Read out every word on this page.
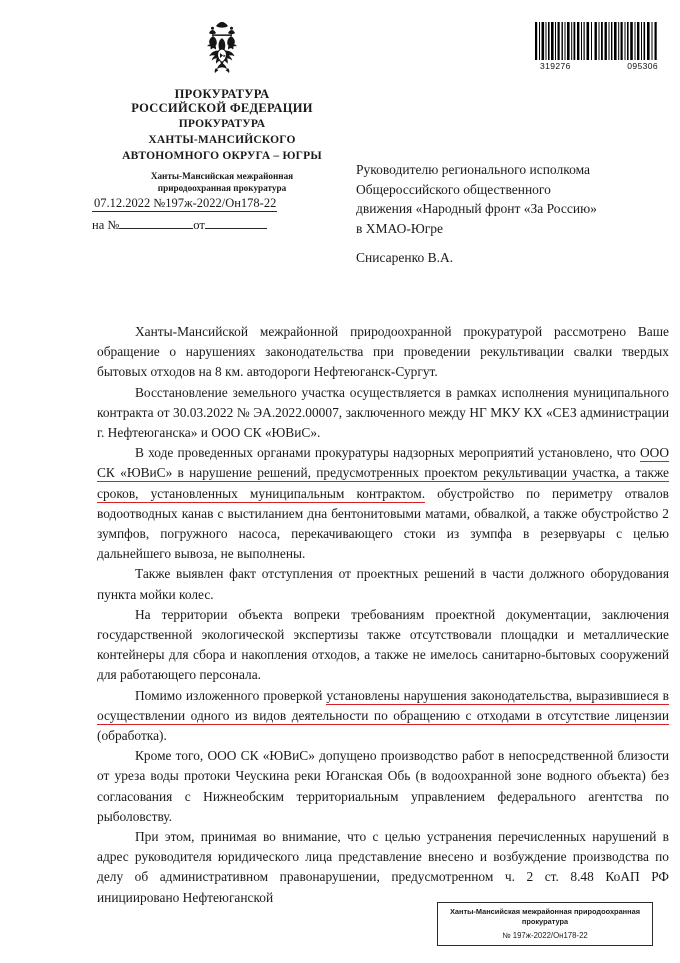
319276	095306
ПРОКУРАТУРА
РОССИЙСКОЙ ФЕДЕРАЦИИ
ПРОКУРАТУРА
ХАНТЫ-МАНСИЙСКОГО
АВТОНОМНОГО ОКРУГА – ЮГРЫ
Ханты-Мансийская межрайонная
природоохранная прокуратура
07.12.2022 №197ж-2022/Он178-22
на №	от
Руководителю регионального исполкома
Общероссийского общественного
движения «Народный фронт «За Россию»
в ХМАО-Югре
Снисаренко В.А.

Ханты-Мансийской межрайонной природоохранной прокуратурой рассмотрено Ваше обращение о нарушениях законодательства при проведении рекультивации свалки твердых бытовых отходов на 8 км. автодороги Нефтеюганск-Сургут.

Восстановление земельного участка осуществляется в рамках исполнения муниципального контракта от 30.03.2022 № ЭА.2022.00007, заключенного между НГ МКУ КХ «СЕЗ администрации г. Нефтеюганска» и ООО СК «ЮВиС».

В ходе проведенных органами прокуратуры надзорных мероприятий установлено, что ООО СК «ЮВиС» в нарушение решений, предусмотренных проектом рекультивации участка, а также сроков, установленных муниципальным контрактом. обустройство по периметру отвалов водоотводных канав с выстиланием дна бентонитовыми матами, обвалкой, а также обустройство 2 зумпфов, погружного насоса, перекачивающего стоки из зумпфа в резервуары с целью дальнейшего вывоза, не выполнены.

Также выявлен факт отступления от проектных решений в части должного оборудования пункта мойки колес.

На территории объекта вопреки требованиям проектной документации, заключения государственной экологической экспертизы также отсутствовали площадки и металлические контейнеры для сбора и накопления отходов, а также не имелось санитарно-бытовых сооружений для работающего персонала.

Помимо изложенного проверкой установлены нарушения законодательства, выразившиеся в осуществлении одного из видов деятельности по обращению с отходами в отсутствие лицензии (обработка).

Кроме того, ООО СК «ЮВиС» допущено производство работ в непосредственной близости от уреза воды протоки Чеускина реки Юганская Обь (в водоохранной зоне водного объекта) без согласования с Нижнеобским территориальным управлением федерального агентства по рыболовству.

При этом, принимая во внимание, что с целью устранения перечисленных нарушений в адрес руководителя юридического лица представление внесено и возбуждение производства по делу об административном правонарушении, предусмотренном ч. 2 ст. 8.48 КоАП РФ инициировано Нефтеюганской

Ханты-Мансийская межрайонная природоохранная
прокуратура
№ 197ж-2022/Он178-22
